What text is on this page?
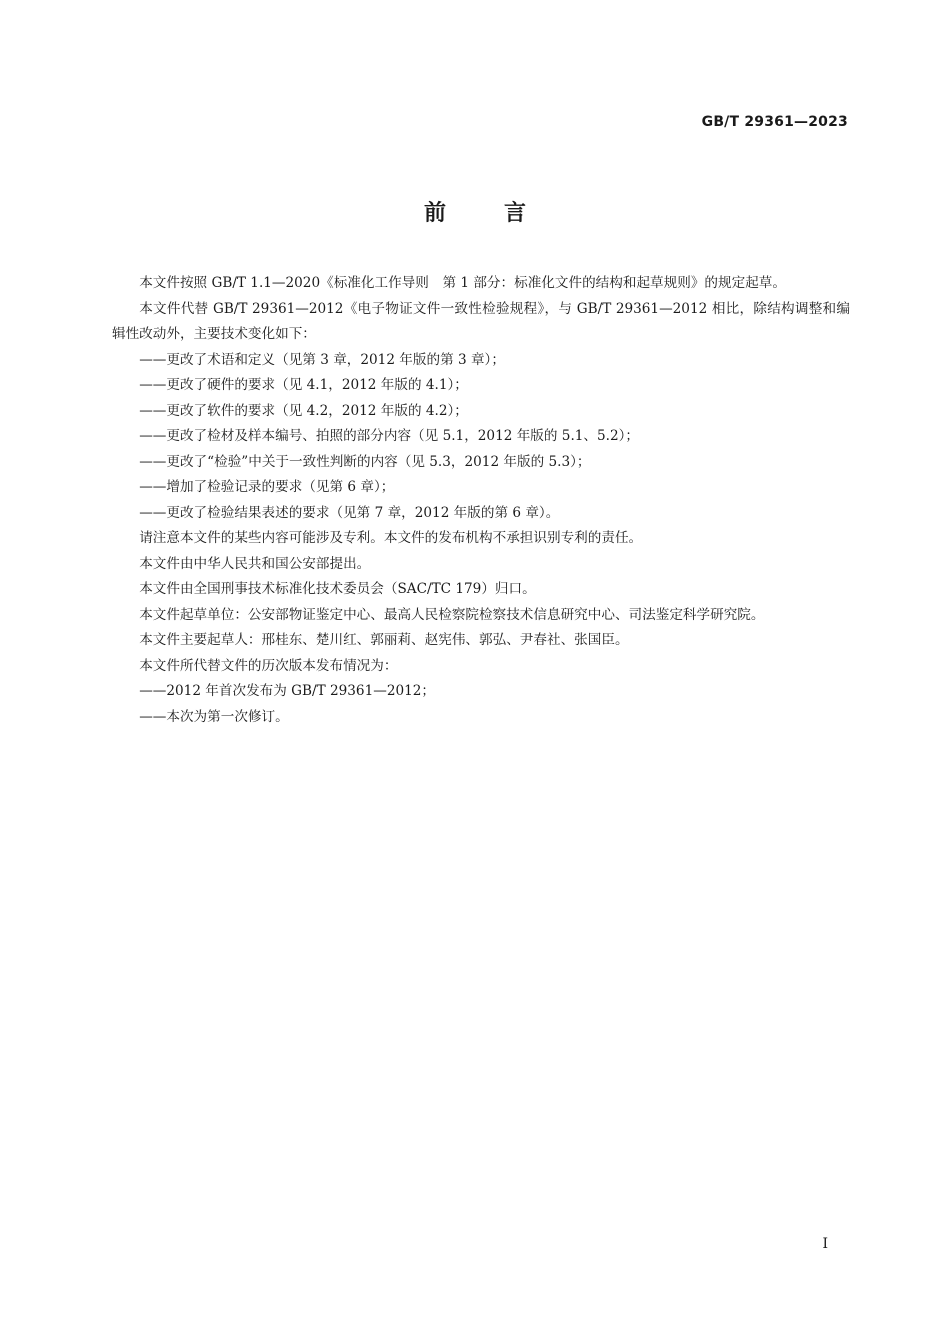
GB/T 29361—2023
前	言

本文件按照 GB/T 1.1—2020《标准化工作导则　第 1 部分：标准化文件的结构和起草规则》的规定起草。

本文件代替 GB/T 29361—2012《电子物证文件一致性检验规程》，与 GB/T 29361—2012 相比，除结构调整和编辑性改动外，主要技术变化如下：

——更改了术语和定义（见第 3 章，2012 年版的第 3 章）；

——更改了硬件的要求（见 4.1，2012 年版的 4.1）；

——更改了软件的要求（见 4.2，2012 年版的 4.2）；

——更改了检材及样本编号、拍照的部分内容（见 5.1，2012 年版的 5.1、5.2）；

——更改了“检验”中关于一致性判断的内容（见 5.3，2012 年版的 5.3）；

——增加了检验记录的要求（见第 6 章）；

——更改了检验结果表述的要求（见第 7 章，2012 年版的第 6 章）。

请注意本文件的某些内容可能涉及专利。本文件的发布机构不承担识别专利的责任。

本文件由中华人民共和国公安部提出。

本文件由全国刑事技术标准化技术委员会（SAC/TC 179）归口。

本文件起草单位：公安部物证鉴定中心、最高人民检察院检察技术信息研究中心、司法鉴定科学研究院。

本文件主要起草人：邢桂东、楚川红、郭丽莉、赵宪伟、郭弘、尹春社、张国臣。

本文件所代替文件的历次版本发布情况为：

——2012 年首次发布为 GB/T 29361—2012；

——本次为第一次修订。

I
